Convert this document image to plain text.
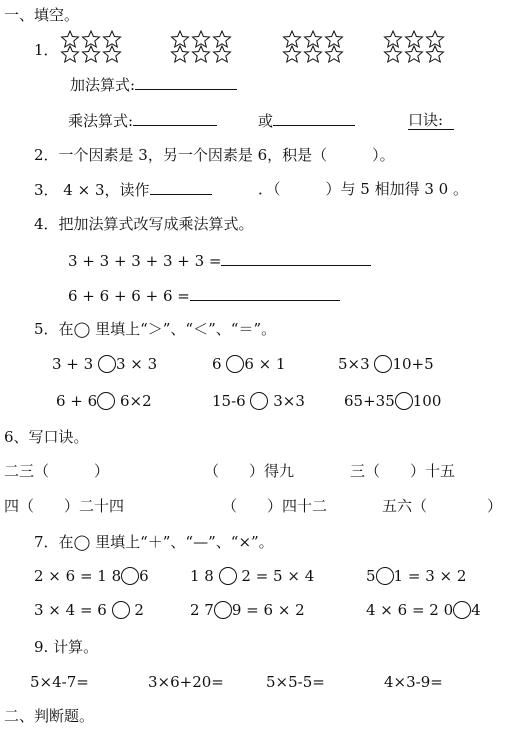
一、填空。
1．
加法算式:
乘法算式:	或	口诀:
2．一个因素是 3，另一个因素是 6，积是（　　　）。
3． 4 × 3，读作	．（　　　）与 5 相加得 3 0 。
4．把加法算式改写成乘法算式。
3 + 3 + 3 + 3 + 3 =
6 + 6 + 6 + 6 =
5．在◯ 里填上“＞”、“＜”、“＝”。
3 + 3 3 × 3	6 6 × 1	5×3 10+5
6 + 6 6×2	15-6  3×3	65+35 100
6、写口诀。
二三（　　　）	（　　）得九	三（　　）十五
四（　　）二十四	（　　）四十二	五六（　　　　）
7．在◯ 里填上“＋”、“—”、“×”。
2 × 6 = 1 8 6	1 8  2 = 5 × 4	5 1 = 3 × 2
3 × 4 = 6  2	2 7 9 = 6 × 2	4 × 6 = 2 0 4
9. 计算。
5×4-7=	3×6+20=	5×5-5=	4×3-9=
二、判断题。
